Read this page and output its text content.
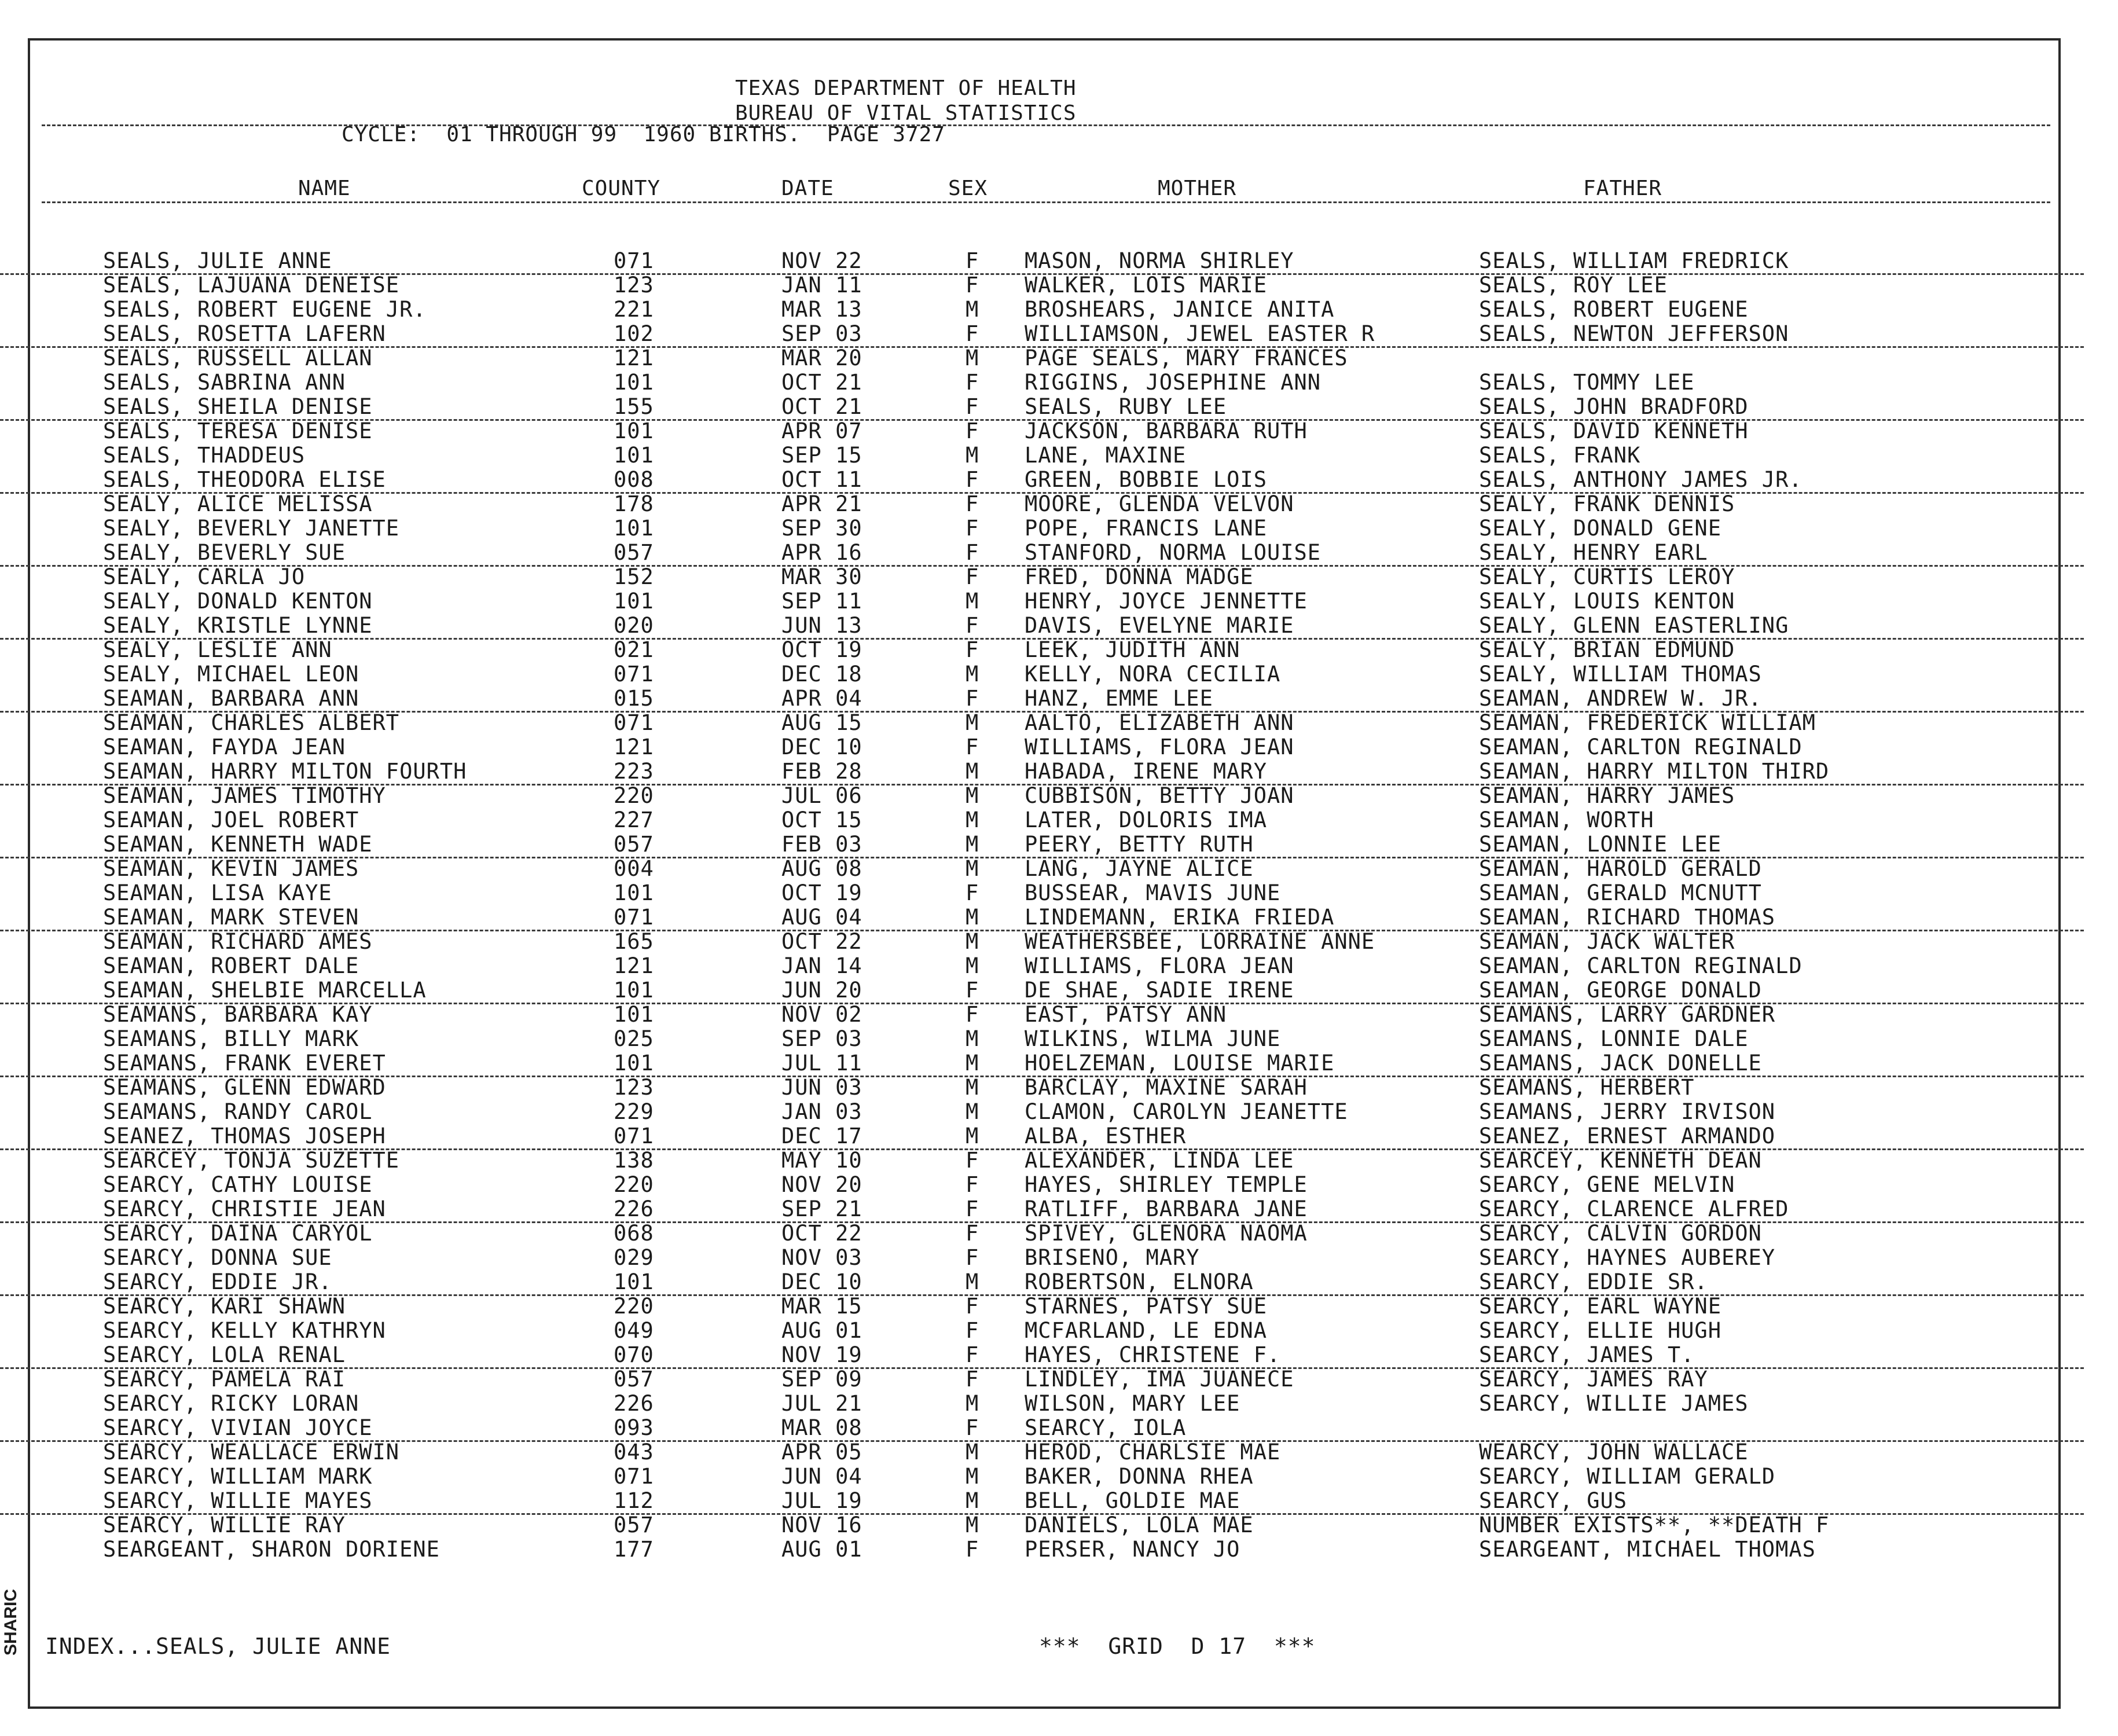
TEXAS DEPARTMENT OF HEALTH
BUREAU OF VITAL STATISTICS
CYCLE:  01 THROUGH 99  1960 BIRTHS.  PAGE 3727
NAME	COUNTY	DATE	SEX	MOTHER	FATHER
SEALS, JULIE ANNE	071	NOV 22	F MASON, NORMA SHIRLEY	SEALS, WILLIAM FREDRICK
SEALS, LAJUANA DENEISE	123	JAN 11	F WALKER, LOIS MARIE	SEALS, ROY LEE
SEALS, ROBERT EUGENE JR.	221	MAR 13	M BROSHEARS, JANICE ANITA	SEALS, ROBERT EUGENE
SEALS, ROSETTA LAFERN	102	SEP 03	F WILLIAMSON, JEWEL EASTER R	SEALS, NEWTON JEFFERSON
SEALS, RUSSELL ALLAN	121	MAR 20	M PAGE SEALS, MARY FRANCES
SEALS, SABRINA ANN	101	OCT 21	F RIGGINS, JOSEPHINE ANN	SEALS, TOMMY LEE
SEALS, SHEILA DENISE	155	OCT 21	F SEALS, RUBY LEE	SEALS, JOHN BRADFORD
SEALS, TERESA DENISE	101	APR 07	F JACKSON, BARBARA RUTH	SEALS, DAVID KENNETH
SEALS, THADDEUS	101	SEP 15	M LANE, MAXINE	SEALS, FRANK
SEALS, THEODORA ELISE	008	OCT 11	F GREEN, BOBBIE LOIS	SEALS, ANTHONY JAMES JR.
SEALY, ALICE MELISSA	178	APR 21	F MOORE, GLENDA VELVON	SEALY, FRANK DENNIS
SEALY, BEVERLY JANETTE	101	SEP 30	F POPE, FRANCIS LANE	SEALY, DONALD GENE
SEALY, BEVERLY SUE	057	APR 16	F STANFORD, NORMA LOUISE	SEALY, HENRY EARL
SEALY, CARLA JO	152	MAR 30	F FRED, DONNA MADGE	SEALY, CURTIS LEROY
SEALY, DONALD KENTON	101	SEP 11	M HENRY, JOYCE JENNETTE	SEALY, LOUIS KENTON
SEALY, KRISTLE LYNNE	020	JUN 13	F DAVIS, EVELYNE MARIE	SEALY, GLENN EASTERLING
SEALY, LESLIE ANN	021	OCT 19	F LEEK, JUDITH ANN	SEALY, BRIAN EDMUND
SEALY, MICHAEL LEON	071	DEC 18	M KELLY, NORA CECILIA	SEALY, WILLIAM THOMAS
SEAMAN, BARBARA ANN	015	APR 04	F HANZ, EMME LEE	SEAMAN, ANDREW W. JR.
SEAMAN, CHARLES ALBERT	071	AUG 15	M AALTO, ELIZABETH ANN	SEAMAN, FREDERICK WILLIAM
SEAMAN, FAYDA JEAN	121	DEC 10	F WILLIAMS, FLORA JEAN	SEAMAN, CARLTON REGINALD
SEAMAN, HARRY MILTON FOURTH	223	FEB 28	M HABADA, IRENE MARY	SEAMAN, HARRY MILTON THIRD
SEAMAN, JAMES TIMOTHY	220	JUL 06	M CUBBISON, BETTY JOAN	SEAMAN, HARRY JAMES
SEAMAN, JOEL ROBERT	227	OCT 15	M LATER, DOLORIS IMA	SEAMAN, WORTH
SEAMAN, KENNETH WADE	057	FEB 03	M PEERY, BETTY RUTH	SEAMAN, LONNIE LEE
SEAMAN, KEVIN JAMES	004	AUG 08	M LANG, JAYNE ALICE	SEAMAN, HAROLD GERALD
SEAMAN, LISA KAYE	101	OCT 19	F BUSSEAR, MAVIS JUNE	SEAMAN, GERALD MCNUTT
SEAMAN, MARK STEVEN	071	AUG 04	M LINDEMANN, ERIKA FRIEDA	SEAMAN, RICHARD THOMAS
SEAMAN, RICHARD AMES	165	OCT 22	M WEATHERSBEE, LORRAINE ANNE	SEAMAN, JACK WALTER
SEAMAN, ROBERT DALE	121	JAN 14	M WILLIAMS, FLORA JEAN	SEAMAN, CARLTON REGINALD
SEAMAN, SHELBIE MARCELLA	101	JUN 20	F DE SHAE, SADIE IRENE	SEAMAN, GEORGE DONALD
SEAMANS, BARBARA KAY	101	NOV 02	F EAST, PATSY ANN	SEAMANS, LARRY GARDNER
SEAMANS, BILLY MARK	025	SEP 03	M WILKINS, WILMA JUNE	SEAMANS, LONNIE DALE
SEAMANS, FRANK EVERET	101	JUL 11	M HOELZEMAN, LOUISE MARIE	SEAMANS, JACK DONELLE
SEAMANS, GLENN EDWARD	123	JUN 03	M BARCLAY, MAXINE SARAH	SEAMANS, HERBERT
SEAMANS, RANDY CAROL	229	JAN 03	M CLAMON, CAROLYN JEANETTE	SEAMANS, JERRY IRVISON
SEANEZ, THOMAS JOSEPH	071	DEC 17	M ALBA, ESTHER	SEANEZ, ERNEST ARMANDO
SEARCEY, TONJA SUZETTE	138	MAY 10	F ALEXANDER, LINDA LEE	SEARCEY, KENNETH DEAN
SEARCY, CATHY LOUISE	220	NOV 20	F HAYES, SHIRLEY TEMPLE	SEARCY, GENE MELVIN
SEARCY, CHRISTIE JEAN	226	SEP 21	F RATLIFF, BARBARA JANE	SEARCY, CLARENCE ALFRED
SEARCY, DAINA CARYOL	068	OCT 22	F SPIVEY, GLENORA NAOMA	SEARCY, CALVIN GORDON
SEARCY, DONNA SUE	029	NOV 03	F BRISENO, MARY	SEARCY, HAYNES AUBEREY
SEARCY, EDDIE JR.	101	DEC 10	M ROBERTSON, ELNORA	SEARCY, EDDIE SR.
SEARCY, KARI SHAWN	220	MAR 15	F STARNES, PATSY SUE	SEARCY, EARL WAYNE
SEARCY, KELLY KATHRYN	049	AUG 01	F MCFARLAND, LE EDNA	SEARCY, ELLIE HUGH
SEARCY, LOLA RENAL	070	NOV 19	F HAYES, CHRISTENE F.	SEARCY, JAMES T.
SEARCY, PAMELA RAI	057	SEP 09	F LINDLEY, IMA JUANECE	SEARCY, JAMES RAY
SEARCY, RICKY LORAN	226	JUL 21	M WILSON, MARY LEE	SEARCY, WILLIE JAMES
SEARCY, VIVIAN JOYCE	093	MAR 08	F SEARCY, IOLA
SEARCY, WEALLACE ERWIN	043	APR 05	M HEROD, CHARLSIE MAE	WEARCY, JOHN WALLACE
SEARCY, WILLIAM MARK	071	JUN 04	M BAKER, DONNA RHEA	SEARCY, WILLIAM GERALD
SEARCY, WILLIE MAYES	112	JUL 19	M BELL, GOLDIE MAE	SEARCY, GUS
SEARCY, WILLIE RAY	057	NOV 16	M DANIELS, LOLA MAE	NUMBER EXISTS**, **DEATH F
SEARGEANT, SHARON DORIENE	177	AUG 01	F PERSER, NANCY JO	SEARGEANT, MICHAEL THOMAS
INDEX...SEALS, JULIE ANNE	***  GRID  D 17  ***
SHARIC
